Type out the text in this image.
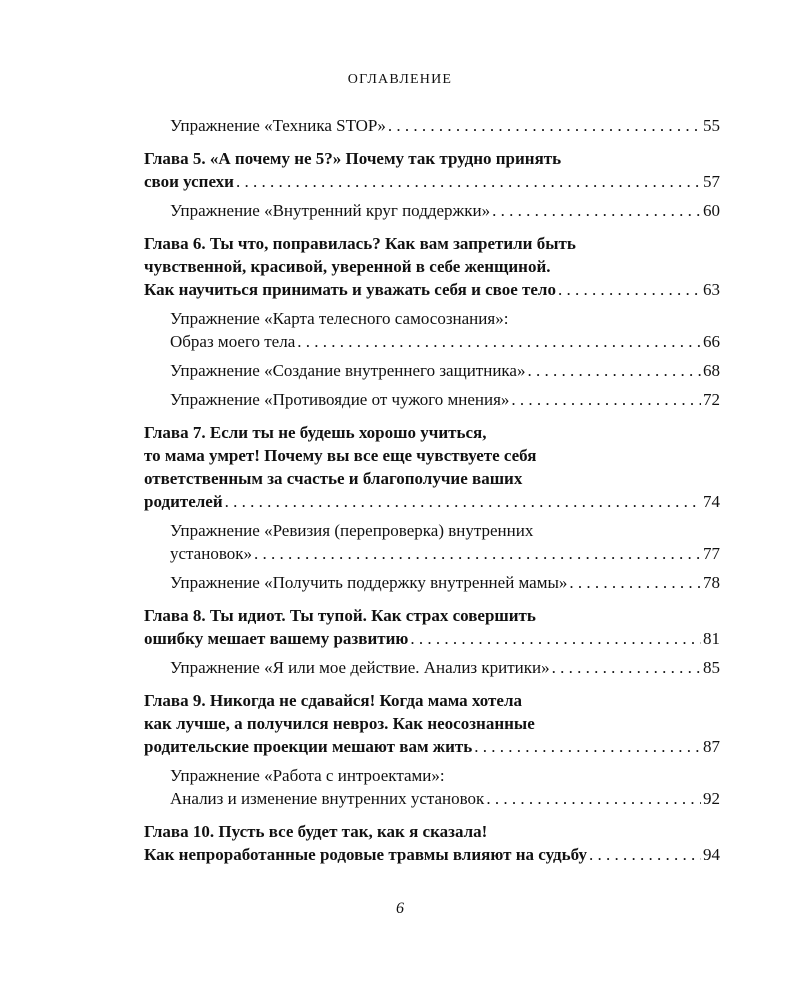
ОГЛАВЛЕНИЕ
Упражнение «Техника STOP» . . .	55
Глава 5. «А почему не 5?» Почему так трудно принять
свои успехи . . .	57
Упражнение «Внутренний круг поддержки» . . .	60
Глава 6. Ты что, поправилась? Как вам запретили быть
чувственной, красивой, уверенной в себе женщиной.
Как научиться принимать и уважать себя и свое тело . . .	63
Упражнение «Карта телесного самосознания»:
Образ моего тела . . .	66
Упражнение «Создание внутреннего защитника» . . .	68
Упражнение «Противоядие от чужого мнения» . . .	72
Глава 7. Если ты не будешь хорошо учиться,
то мама умрет! Почему вы все еще чувствуете себя
ответственным за счастье и благополучие ваших
родителей . . .	74
Упражнение «Ревизия (перепроверка) внутренних
установок» . . .	77
Упражнение «Получить поддержку внутренней мамы» . . .	78
Глава 8. Ты идиот. Ты тупой. Как страх совершить
ошибку мешает вашему развитию . . .	81
Упражнение «Я или мое действие. Анализ критики» . . .	85
Глава 9. Никогда не сдавайся! Когда мама хотела
как лучше, а получился невроз. Как неосознанные
родительские проекции мешают вам жить . . .	87
Упражнение «Работа с интроектами»:
Анализ и изменение внутренних установок . . .	92
Глава 10. Пусть все будет так, как я сказала!
Как непроработанные родовые травмы влияют на судьбу . . .	94
6
